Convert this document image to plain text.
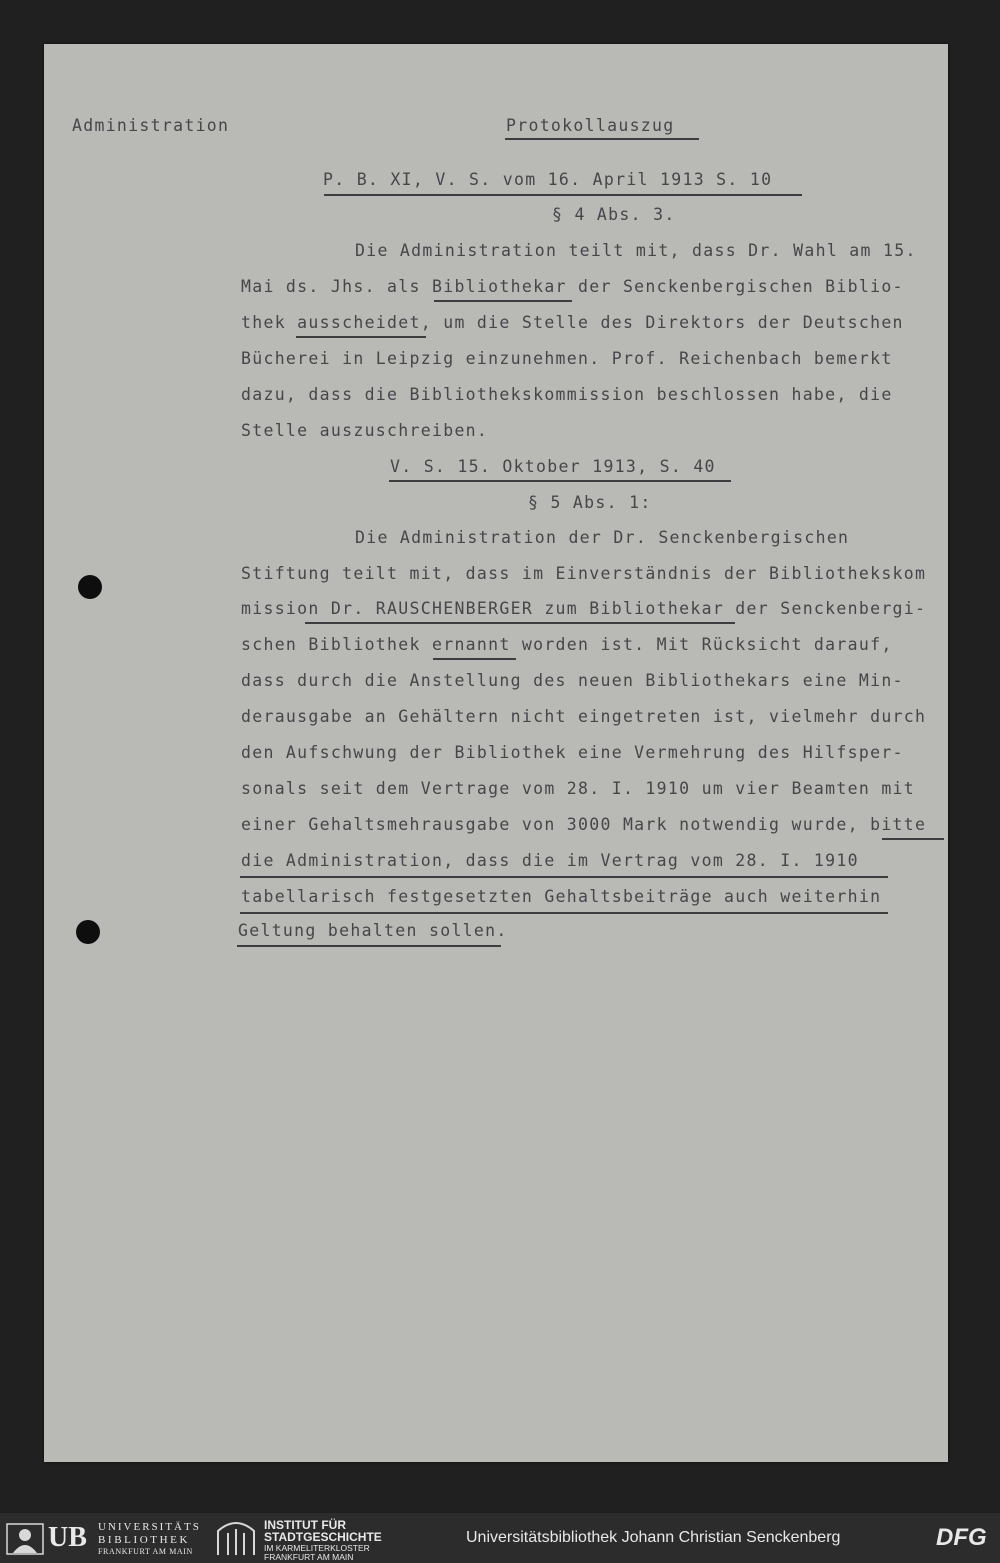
Administration	Protokollauszug
P. B. XI, V. S. vom 16. April 1913 S. 10
§ 4 Abs. 3.
Die Administration teilt mit, dass Dr. Wahl am 15.
Mai ds. Jhs. als Bibliothekar der Senckenbergischen Biblio-
thek ausscheidet, um die Stelle des Direktors der Deutschen
Bücherei in Leipzig einzunehmen. Prof. Reichenbach bemerkt
dazu, dass die Bibliothekskommission beschlossen habe, die
Stelle auszuschreiben.
V. S. 15. Oktober 1913, S. 40
§ 5 Abs. 1:
Die Administration der Dr. Senckenbergischen
Stiftung teilt mit, dass im Einverständnis der Bibliothekskom
mission Dr. RAUSCHENBERGER zum Bibliothekar der Senckenbergi-
schen Bibliothek ernannt worden ist. Mit Rücksicht darauf,
dass durch die Anstellung des neuen Bibliothekars eine Min-
derausgabe an Gehältern nicht eingetreten ist, vielmehr durch
den Aufschwung der Bibliothek eine Vermehrung des Hilfsper-
sonals seit dem Vertrage vom 28. I. 1910 um vier Beamten mit
einer Gehaltsmehrausgabe von 3000 Mark notwendig wurde, bitte
die Administration, dass die im Vertrag vom 28. I. 1910
tabellarisch festgesetzten Gehaltsbeiträge auch weiterhin
Geltung behalten sollen.
UB UNIVERSITÄTS
BIBLIOTHEK
FRANKFURT AM MAIN
INSTITUT FÜR
STADTGESCHICHTE
IM KARMELITERKLOSTER
FRANKFURT AM MAIN
Universitätsbibliothek Johann Christian Senckenberg	DFG
